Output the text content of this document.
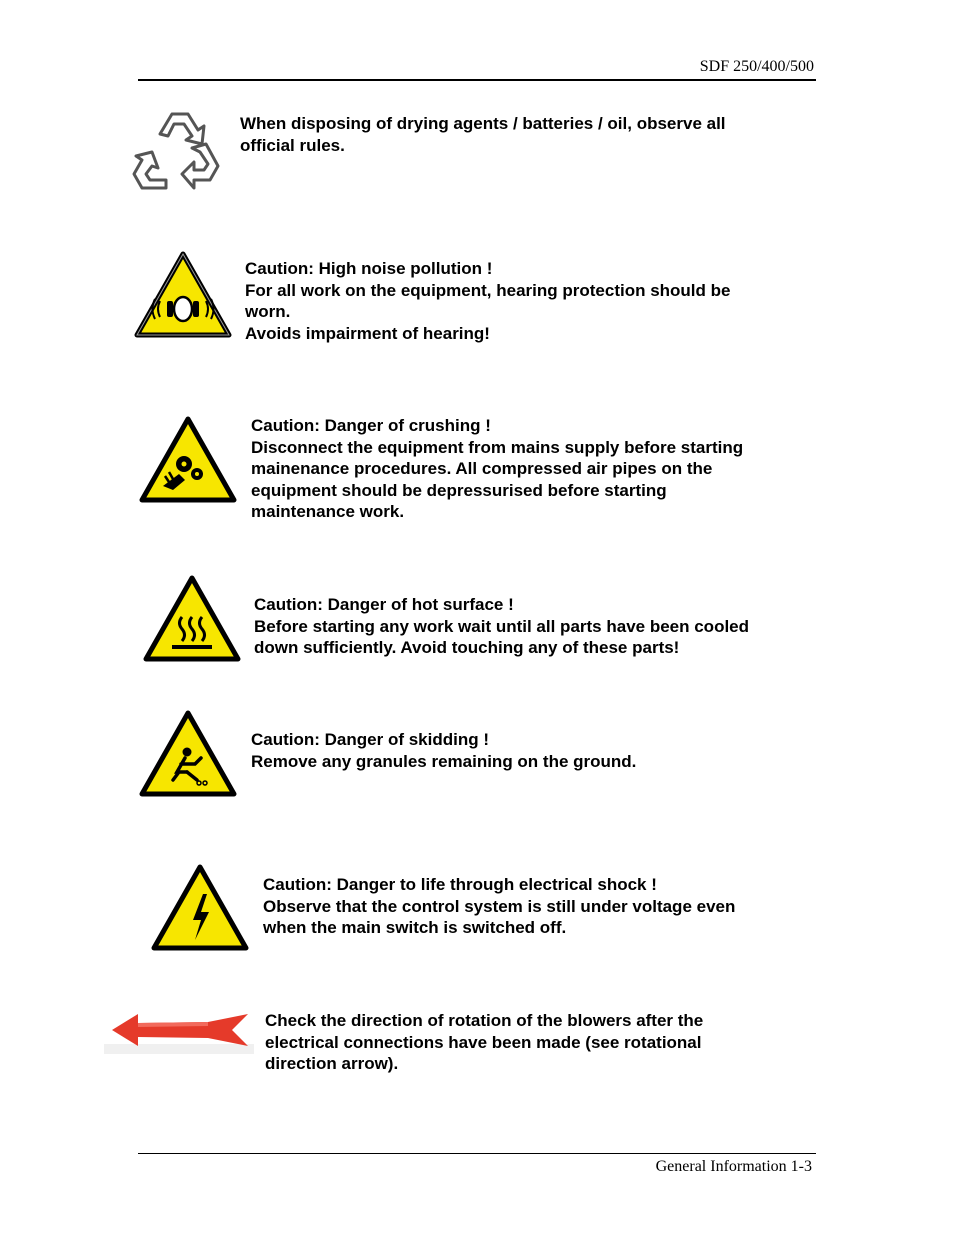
SDF 250/400/500
When disposing of drying agents / batteries / oil, observe all
official rules.
Caution: High noise pollution !
For all work on the equipment, hearing protection should be
worn.
Avoids impairment of hearing!
Caution: Danger of crushing !
Disconnect the equipment from mains supply before starting
mainenance procedures. All compressed air pipes on the
equipment should be depressurised before starting
maintenance work.
Caution: Danger of hot surface !
Before starting any work wait until all parts have been cooled
down sufficiently. Avoid touching any of these parts!
Caution: Danger of skidding !
Remove any granules remaining on the ground.
Caution: Danger to life through electrical shock !
Observe that the control system is still under voltage even
when the main switch is switched off.
Check the direction of rotation of the blowers after the
electrical connections have been made (see rotational
direction arrow).
General Information 1-3
